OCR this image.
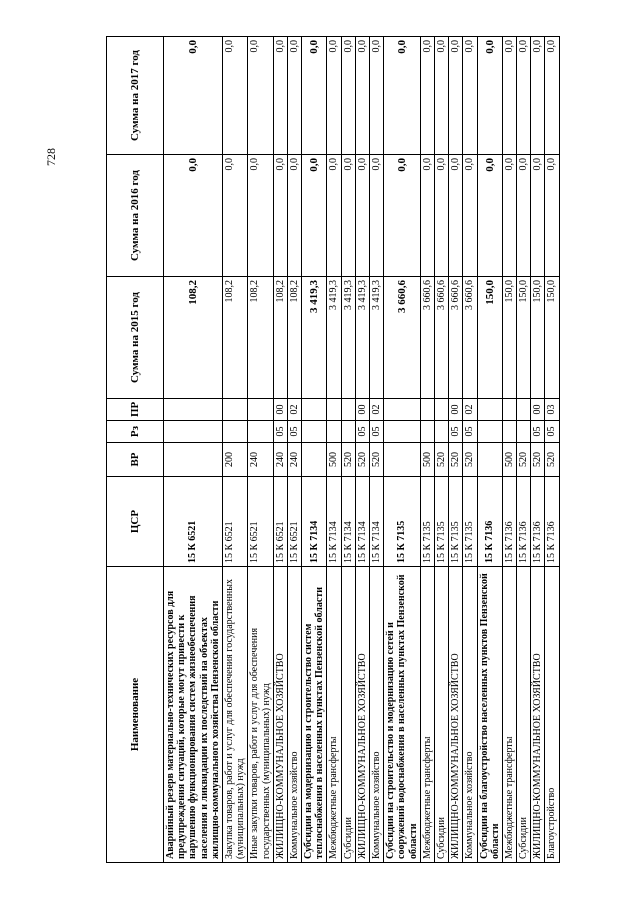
728
Наименование	ЦСР	ВР	Рз	ПР	Сумма на 2015 год	Сумма на 2016 год	Сумма на 2017 год
Аварийный резерв материально-технических ресурсов для предупреждения ситуаций, которые могут привести к нарушению функционирования систем жизнеобеспечения населения и ликвидации их последствий на объектах жилищно-коммунального хозяйства Пензенской области	15 К 6521				108,2	0,0	0,0
Закупка товаров, работ и услуг для обеспечения государственных (муниципальных) нужд	15 К 6521	200			108,2	0,0	0,0
Иные закупки товаров, работ и услуг для обеспечения государственных (муниципальных) нужд	15 К 6521	240			108,2	0,0	0,0
ЖИЛИЩНО-КОММУНАЛЬНОЕ ХОЗЯЙСТВО	15 К 6521	240	05	00	108,2	0,0	0,0
Коммунальное хозяйство	15 К 6521	240	05	02	108,2	0,0	0,0
Субсидии на модернизацию и строительство систем теплоснабжения в населенных пунктах Пензенской области	15 К 7134				3 419,3	0,0	0,0
Межбюджетные трансферты	15 К 7134	500			3 419,3	0,0	0,0
Субсидии	15 К 7134	520			3 419,3	0,0	0,0
ЖИЛИЩНО-КОММУНАЛЬНОЕ ХОЗЯЙСТВО	15 К 7134	520	05	00	3 419,3	0,0	0,0
Коммунальное хозяйство	15 К 7134	520	05	02	3 419,3	0,0	0,0
Субсидии на строительство и модернизацию сетей и сооружений водоснабжения в населенных пунктах Пензенской области	15 К 7135				3 660,6	0,0	0,0
Межбюджетные трансферты	15 К 7135	500			3 660,6	0,0	0,0
Субсидии	15 К 7135	520			3 660,6	0,0	0,0
ЖИЛИЩНО-КОММУНАЛЬНОЕ ХОЗЯЙСТВО	15 К 7135	520	05	00	3 660,6	0,0	0,0
Коммунальное хозяйство	15 К 7135	520	05	02	3 660,6	0,0	0,0
Субсидии на благоустройство населенных пунктов Пензенской области	15 К 7136				150,0	0,0	0,0
Межбюджетные трансферты	15 К 7136	500			150,0	0,0	0,0
Субсидии	15 К 7136	520			150,0	0,0	0,0
ЖИЛИЩНО-КОММУНАЛЬНОЕ ХОЗЯЙСТВО	15 К 7136	520	05	00	150,0	0,0	0,0
Благоустройство	15 К 7136	520	05	03	150,0	0,0	0,0
